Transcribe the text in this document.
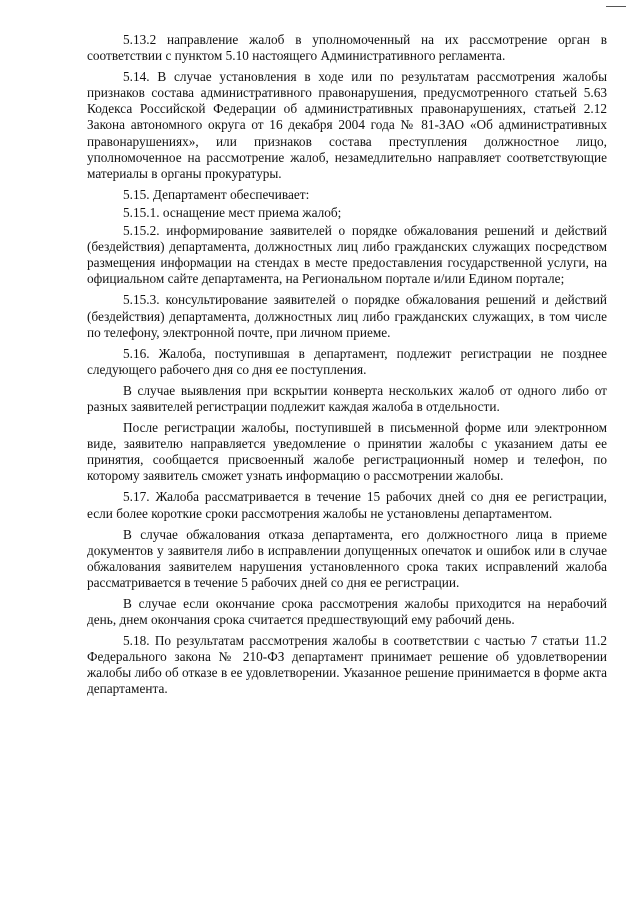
5.13.2 направление жалоб в уполномоченный на их рассмотрение орган в соответствии с пунктом 5.10 настоящего Административного регламента.

5.14. В случае установления в ходе или по результатам рассмотрения жалобы признаков состава административного правонарушения, предусмотренного статьей 5.63 Кодекса Российской Федерации об административных правонарушениях, статьей 2.12 Закона автономного округа от 16 декабря 2004 года № 81-ЗАО «Об административных правонарушениях», или признаков состава преступления должностное лицо, уполномоченное на рассмотрение жалоб, незамедлительно направляет соответствующие материалы в органы прокуратуры.

5.15. Департамент обеспечивает:

5.15.1. оснащение мест приема жалоб;

5.15.2. информирование заявителей о порядке обжалования решений и действий (бездействия) департамента, должностных лиц либо гражданских служащих посредством размещения информации на стендах в месте предоставления государственной услуги, на официальном сайте департамента, на Региональном портале и/или Едином портале;

5.15.3. консультирование заявителей о порядке обжалования решений и действий (бездействия) департамента, должностных лиц либо гражданских служащих, в том числе по телефону, электронной почте, при личном приеме.

5.16. Жалоба, поступившая в департамент, подлежит регистрации не позднее следующего рабочего дня со дня ее поступления.

В случае выявления при вскрытии конверта нескольких жалоб от одного либо от разных заявителей регистрации подлежит каждая жалоба в отдельности.

После регистрации жалобы, поступившей в письменной форме или электронном виде, заявителю направляется уведомление о принятии жалобы с указанием даты ее принятия, сообщается присвоенный жалобе регистрационный номер и телефон, по которому заявитель сможет узнать информацию о рассмотрении жалобы.

5.17. Жалоба рассматривается в течение 15 рабочих дней со дня ее регистрации, если более короткие сроки рассмотрения жалобы не установлены департаментом.

В случае обжалования отказа департамента, его должностного лица в приеме документов у заявителя либо в исправлении допущенных опечаток и ошибок или в случае обжалования заявителем нарушения установленного срока таких исправлений жалоба рассматривается в течение 5 рабочих дней со дня ее регистрации.

В случае если окончание срока рассмотрения жалобы приходится на нерабочий день, днем окончания срока считается предшествующий ему рабочий день.

5.18. По результатам рассмотрения жалобы в соответствии с частью 7 статьи 11.2 Федерального закона № 210-ФЗ департамент принимает решение об удовлетворении жалобы либо об отказе в ее удовлетворении. Указанное решение принимается в форме акта департамента.
